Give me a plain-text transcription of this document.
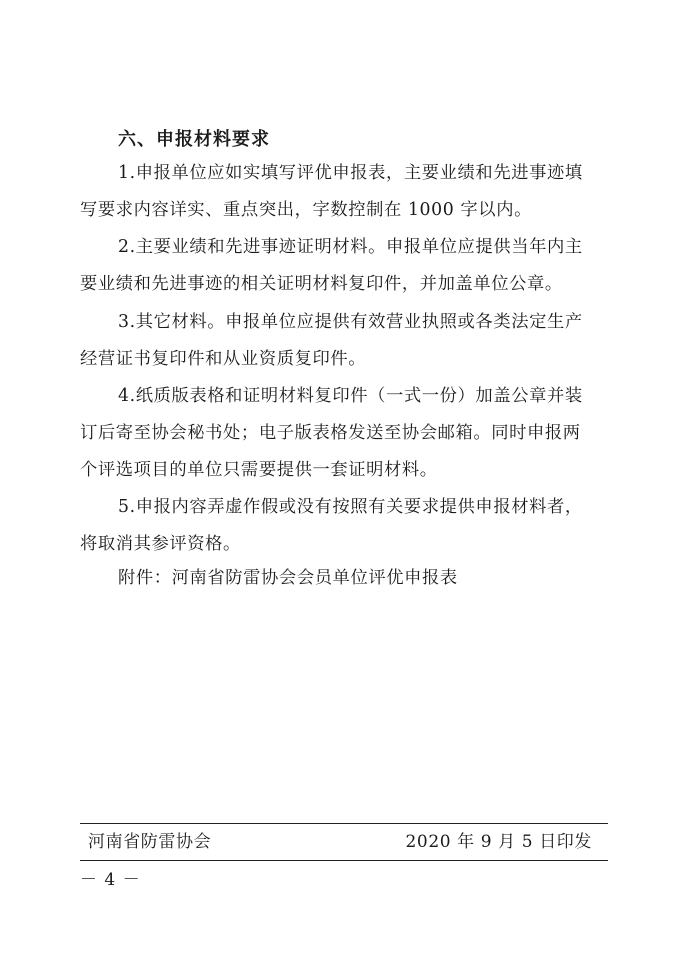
六、申报材料要求
1.申报单位应如实填写评优申报表，主要业绩和先进事迹填
写要求内容详实、重点突出，字数控制在 1000 字以内。
2.主要业绩和先进事迹证明材料。申报单位应提供当年内主
要业绩和先进事迹的相关证明材料复印件，并加盖单位公章。
3.其它材料。申报单位应提供有效营业执照或各类法定生产
经营证书复印件和从业资质复印件。
4.纸质版表格和证明材料复印件（一式一份）加盖公章并装
订后寄至协会秘书处；电子版表格发送至协会邮箱。同时申报两
个评选项目的单位只需要提供一套证明材料。
5.申报内容弄虚作假或没有按照有关要求提供申报材料者，
将取消其参评资格。
附件：河南省防雷协会会员单位评优申报表
河南省防雷协会	2020 年 9 月 5 日印发
－ 4 －
